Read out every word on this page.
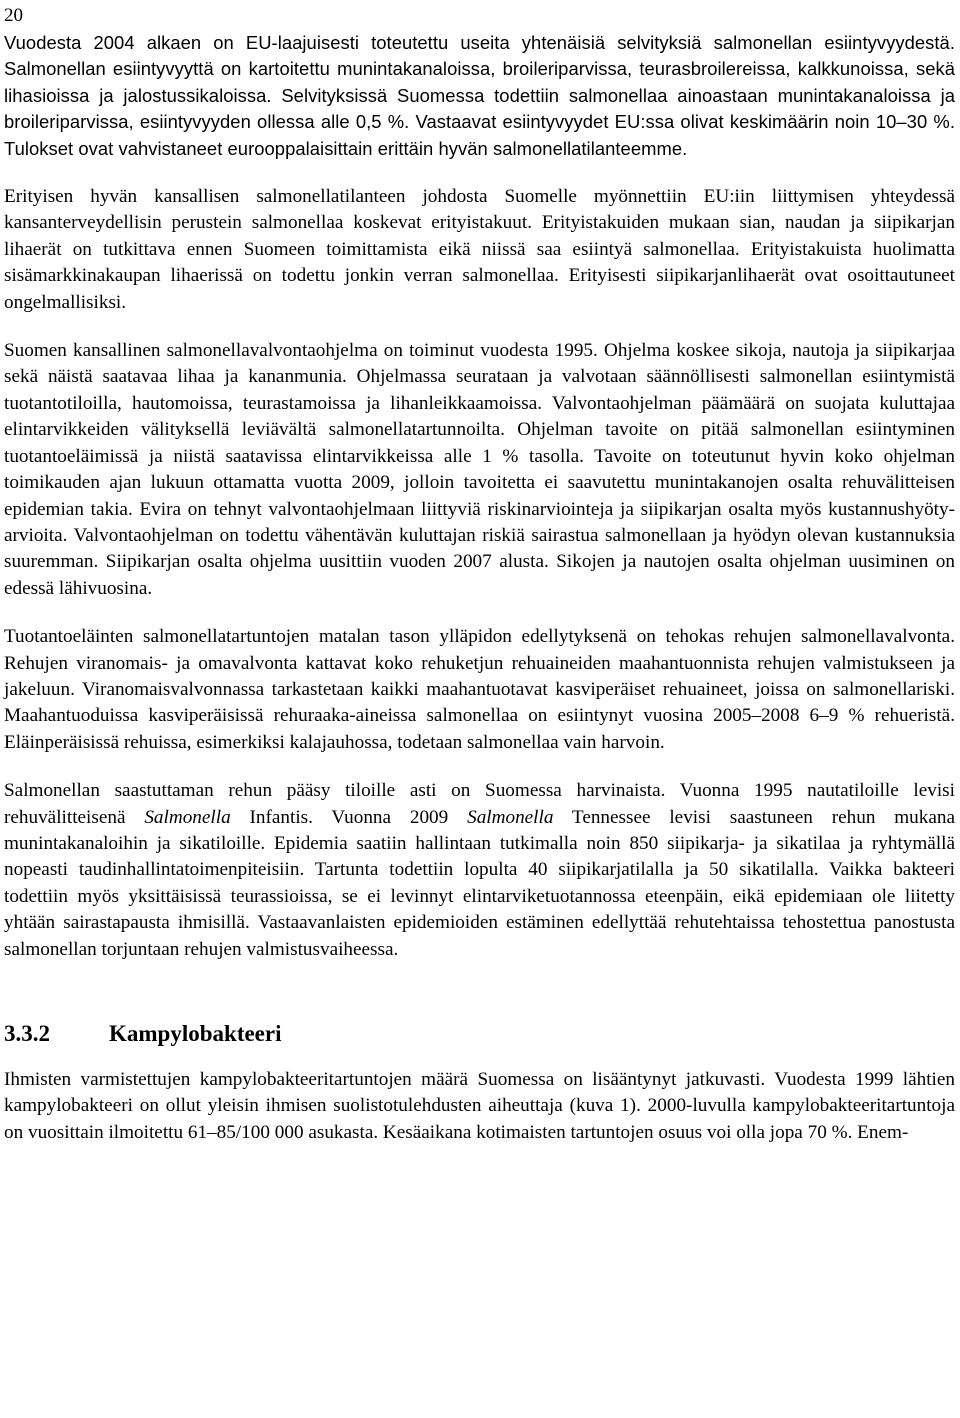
20

Vuodesta 2004 alkaen on EU-laajuisesti toteutettu useita yhtenäisiä selvityksiä salmonellan esiintyvyydestä. Salmonellan esiintyvyyttä on kartoitettu munintakanaloissa, broileriparvissa, teurasbroilereissa, kalkkunoissa, sekä lihasioissa ja jalostussikaloissa. Selvityksissä Suomessa todettiin salmonellaa ainoastaan munintakanaloissa ja broileriparvissa, esiintyvyyden ollessa alle 0,5 %. Vastaavat esiintyvyydet EU:ssa olivat keskimäärin noin 10–30 %. Tulokset ovat vahvistaneet eurooppalaisittain erittäin hyvän salmonellatilanteemme.

Erityisen hyvän kansallisen salmonellatilanteen johdosta Suomelle myönnettiin EU:iin liittymisen yhteydessä kansanterveydellisin perustein salmonellaa koskevat erityistakuut. Erityistakuiden mukaan sian, naudan ja siipikarjan lihaerät on tutkittava ennen Suomeen toimittamista eikä niissä saa esiintyä salmonellaa. Erityistakuista huolimatta sisämarkkinakaupan lihaerissä on todettu jonkin verran salmonellaa. Erityisesti siipikarjanlihaerät ovat osoittautuneet ongelmallisiksi.

Suomen kansallinen salmonellavalvontaohjelma on toiminut vuodesta 1995. Ohjelma koskee sikoja, nautoja ja siipikarjaa sekä näistä saatavaa lihaa ja kananmunia. Ohjelmassa seurataan ja valvotaan säännöllisesti salmonellan esiintymistä tuotantotiloilla, hautomoissa, teurastamoissa ja lihanleikkaamoissa. Valvontaohjelman päämäärä on suojata kuluttajaa elintarvikkeiden välityksellä leviävältä salmonellatartunnoilta. Ohjelman tavoite on pitää salmonellan esiintyminen tuotantoeläimissä ja niistä saatavissa elintarvikkeissa alle 1 % tasolla. Tavoite on toteutunut hyvin koko ohjelman toimikauden ajan lukuun ottamatta vuotta 2009, jolloin tavoitetta ei saavutettu munintakanojen osalta rehuvälitteisen epidemian takia. Evira on tehnyt valvontaohjelmaan liittyviä riskinarviointeja ja siipikarjan osalta myös kustannushyöty-arvioita. Valvontaohjelman on todettu vähentävän kuluttajan riskiä sairastua salmonellaan ja hyödyn olevan kustannuksia suuremman. Siipikarjan osalta ohjelma uusittiin vuoden 2007 alusta. Sikojen ja nautojen osalta ohjelman uusiminen on edessä lähivuosina.

Tuotantoeläinten salmonellatartuntojen matalan tason ylläpidon edellytyksenä on tehokas rehujen salmonellavalvonta. Rehujen viranomais- ja omavalvonta kattavat koko rehuketjun rehuaineiden maahantuonnista rehujen valmistukseen ja jakeluun. Viranomaisvalvonnassa tarkastetaan kaikki maahantuotavat kasviperäiset rehuaineet, joissa on salmonellariski. Maahantuoduissa kasviperäisissä rehuraaka-aineissa salmonellaa on esiintynyt vuosina 2005–2008 6–9 % rehueristä. Eläinperäisissä rehuissa, esimerkiksi kalajauhossa, todetaan salmonellaa vain harvoin.

Salmonellan saastuttaman rehun pääsy tiloille asti on Suomessa harvinaista. Vuonna 1995 nautatiloille levisi rehuvälitteisenä Salmonella Infantis. Vuonna 2009 Salmonella Tennessee levisi saastuneen rehun mukana munintakanaloihin ja sikatiloille. Epidemia saatiin hallintaan tutkimalla noin 850 siipikarja- ja sikatilaa ja ryhtymällä nopeasti taudinhallintatoimenpiteisiin. Tartunta todettiin lopulta 40 siipikarjatilalla ja 50 sikatilalla. Vaikka bakteeri todettiin myös yksittäisissä teurassioissa, se ei levinnyt elintarviketuotannossa eteenpäin, eikä epidemiaan ole liitetty yhtään sairastapausta ihmisillä. Vastaavanlaisten epidemioiden estäminen edellyttää rehutehtaissa tehostettua panostusta salmonellan torjuntaan rehujen valmistusvaiheessa.

3.3.2	Kampylobakteeri

Ihmisten varmistettujen kampylobakteeritartuntojen määrä Suomessa on lisääntynyt jatkuvasti. Vuodesta 1999 lähtien kampylobakteeri on ollut yleisin ihmisen suolistotulehdusten aiheuttaja (kuva 1). 2000-luvulla kampylobakteeritartuntoja on vuosittain ilmoitettu 61–85/100 000 asukasta. Kesäaikana kotimaisten tartuntojen osuus voi olla jopa 70 %. Enem-
